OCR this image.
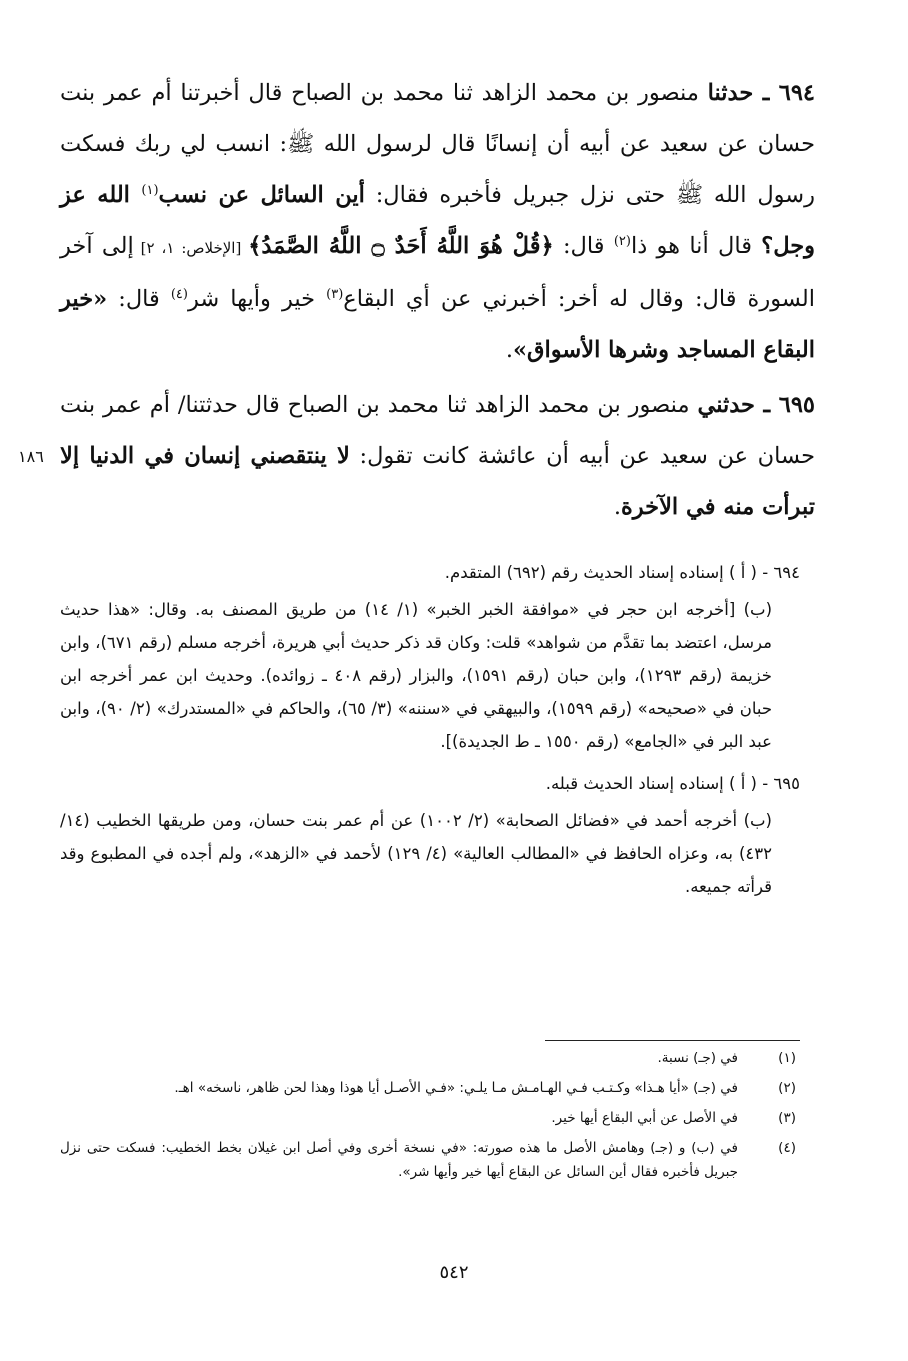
٦٩٤ ـ حدثنا منصور بن محمد الزاهد ثنا محمد بن الصباح قال أخبرتنا أم عمر بنت حسان عن سعيد عن أبيه أن إنسانًا قال لرسول الله ﷺ: انسب لي ربك فسكت رسول الله ﷺ حتى نزل جبريل فأخبره فقال: أين السائل عن نسب$^{(١)}$ الله عز وجل؟ قال أنا هو ذا$^{(٢)}$ قال: ﴿قُلْ هُوَ اللَّهُ أَحَدٌ ۝ اللَّهُ الصَّمَدُ﴾ [الإخلاص: ١، ٢] إلى آخر السورة قال: وقال له أخر: أخبرني عن أي البقاع$^{(٣)}$ خير وأيها شر$^{(٤)}$ قال: «خير البقاع المساجد وشرها الأسواق».

٦٩٥ ـ حدثني منصور بن محمد الزاهد ثنا محمد بن الصباح قال حدثتنا/ أم عمر بنت حسان عن سعيد عن أبيه أن عائشة كانت تقول: لا ينتقصني إنسان في الدنيا إلا تبرأت منه في الآخرة.

١٨٦

٦٩٤ - ( أ ) إسناده إسناد الحديث رقم (٦٩٢) المتقدم.

(ب) [أخرجه ابن حجر في «موافقة الخبر الخبر» (١/ ١٤) من طريق المصنف به. وقال: «هذا حديث مرسل، اعتضد بما تقدَّم من شواهد» قلت: وكان قد ذكر حديث أبي هريرة، أخرجه مسلم (رقم ٦٧١)، وابن خزيمة (رقم ١٢٩٣)، وابن حبان (رقم ١٥٩١)، والبزار (رقم ٤٠٨ ـ زوائده). وحديث ابن عمر أخرجه ابن حبان في «صحيحه» (رقم ١٥٩٩)، والبيهقي في «سننه» (٣/ ٦٥)، والحاكم في «المستدرك» (٢/ ٩٠)، وابن عبد البر في «الجامع» (رقم ١٥٥٠ ـ ط الجديدة)].

٦٩٥ - ( أ ) إسناده إسناد الحديث قبله.

(ب) أخرجه أحمد في «فضائل الصحابة» (٢/ ١٠٠٢) عن أم عمر بنت حسان، ومن طريقها الخطيب (١٤/ ٤٣٢) به، وعزاه الحافظ في «المطالب العالية» (٤/ ١٢٩) لأحمد في «الزهد»، ولم أجده في المطبوع وقد قرأته جميعه.

(١)
في (جـ) نسبة.
(٢)
في (جـ) «أيا هـذا» وكـتـب فـي الهـامـش مـا يلـي: «فـي الأصـل أيا هوذا وهذا لحن ظاهر، ناسخه» اهـ.
(٣)
في الأصل عن أبي البقاع أيها خير.
(٤)
في (ب) و (جـ) وهامش الأصل ما هذه صورته: «في نسخة أخرى وفي أصل ابن غيلان بخط الخطيب: فسكت حتى نزل جبريل فأخبره فقال أين السائل عن البقاع أيها خير وأيها شر».
٥٤٢
